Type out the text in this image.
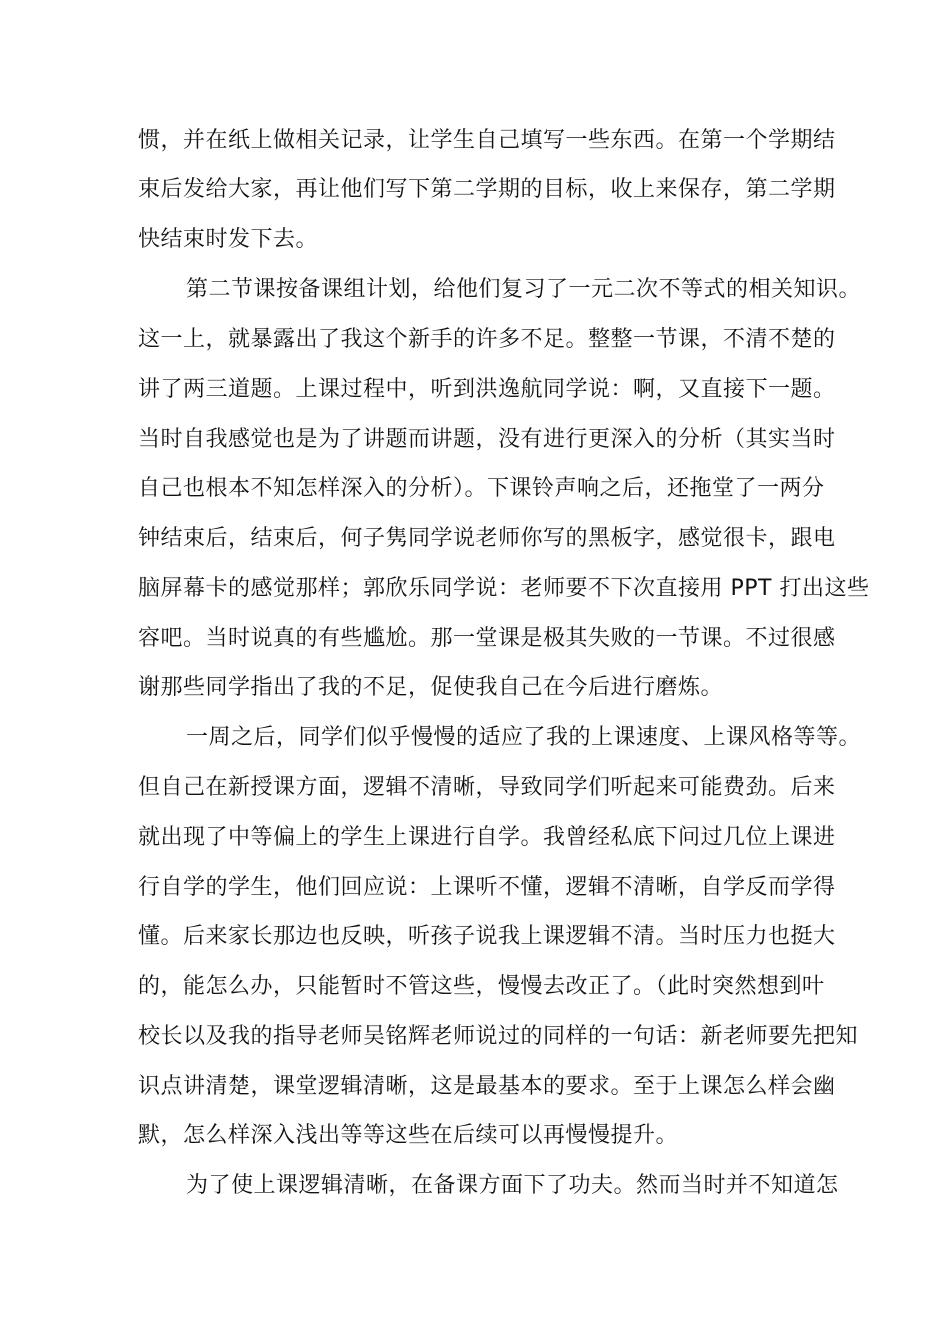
惯，并在纸上做相关记录，让学生自己填写一些东西。在第一个学期结
束后发给大家，再让他们写下第二学期的目标，收上来保存，第二学期
快结束时发下去。
第二节课按备课组计划，给他们复习了一元二次不等式的相关知识。
这一上，就暴露出了我这个新手的许多不足。整整一节课，不清不楚的
讲了两三道题。上课过程中，听到洪逸航同学说：啊，又直接下一题。
当时自我感觉也是为了讲题而讲题，没有进行更深入的分析（其实当时
自己也根本不知怎样深入的分析）。下课铃声响之后，还拖堂了一两分
钟结束后，结束后，何子隽同学说老师你写的黑板字，感觉很卡，跟电
脑屏幕卡的感觉那样；郭欣乐同学说：老师要不下次直接用 PPT 打出这些
容吧。当时说真的有些尴尬。那一堂课是极其失败的一节课。不过很感
谢那些同学指出了我的不足，促使我自己在今后进行磨炼。
一周之后，同学们似乎慢慢的适应了我的上课速度、上课风格等等。
但自己在新授课方面，逻辑不清晰，导致同学们听起来可能费劲。后来
就出现了中等偏上的学生上课进行自学。我曾经私底下问过几位上课进
行自学的学生，他们回应说：上课听不懂，逻辑不清晰，自学反而学得
懂。后来家长那边也反映，听孩子说我上课逻辑不清。当时压力也挺大
的，能怎么办，只能暂时不管这些，慢慢去改正了。（此时突然想到叶
校长以及我的指导老师吴铭辉老师说过的同样的一句话：新老师要先把知
识点讲清楚，课堂逻辑清晰，这是最基本的要求。至于上课怎么样会幽
默，怎么样深入浅出等等这些在后续可以再慢慢提升。
为了使上课逻辑清晰，在备课方面下了功夫。然而当时并不知道怎
